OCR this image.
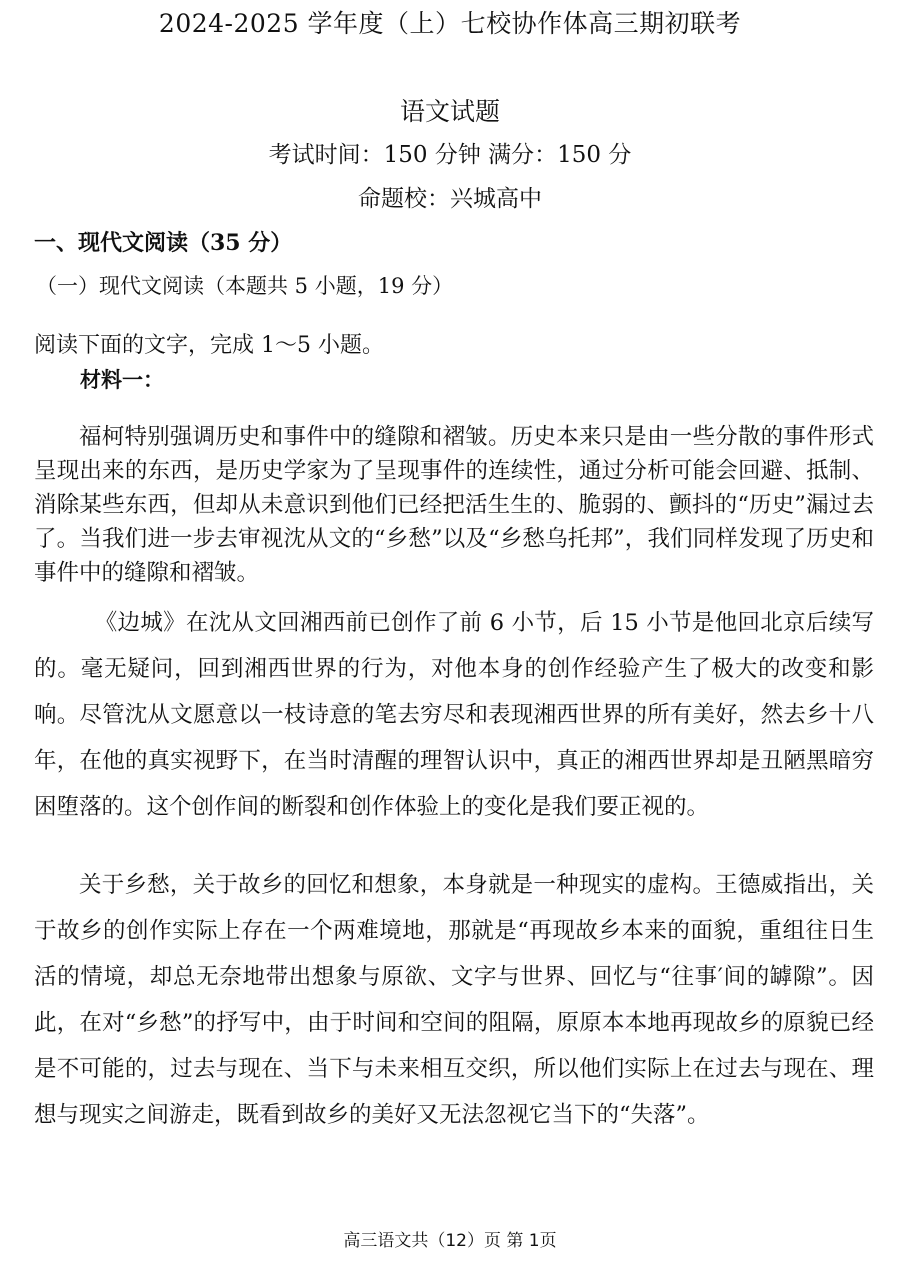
2024-2025 学年度（上）七校协作体高三期初联考
语文试题
考试时间：150 分钟 满分：150 分
命题校：兴城高中
一、现代文阅读（35 分）
（一）现代文阅读（本题共 5 小题，19 分）
阅读下面的文字，完成 1～5 小题。
材料一：

福柯特别强调历史和事件中的缝隙和褶皱。历史本来只是由一些分散的事件形式呈现出来的东西，是历史学家为了呈现事件的连续性，通过分析可能会回避、抵制、消除某些东西，但却从未意识到他们已经把活生生的、脆弱的、颤抖的“历史”漏过去了。当我们进一步去审视沈从文的“乡愁”以及“乡愁乌托邦”，我们同样发现了历史和事件中的缝隙和褶皱。

《边城》在沈从文回湘西前已创作了前 6 小节，后 15 小节是他回北京后续写的。毫无疑问，回到湘西世界的行为，对他本身的创作经验产生了极大的改变和影响。尽管沈从文愿意以一枝诗意的笔去穷尽和表现湘西世界的所有美好，然去乡十八年，在他的真实视野下，在当时清醒的理智认识中，真正的湘西世界却是丑陋黑暗穷困堕落的。这个创作间的断裂和创作体验上的变化是我们要正视的。

关于乡愁，关于故乡的回忆和想象，本身就是一种现实的虚构。王德威指出，关于故乡的创作实际上存在一个两难境地，那就是“再现故乡本来的面貌，重组往日生活的情境，却总无奈地带出想象与原欲、文字与世界、回忆与“往事′间的罅隙”。因此，在对“乡愁”的抒写中，由于时间和空间的阻隔，原原本本地再现故乡的原貌已经是不可能的，过去与现在、当下与未来相互交织，所以他们实际上在过去与现在、理想与现实之间游走，既看到故乡的美好又无法忽视它当下的“失落”。

高三语文共（12）页 第 1页
